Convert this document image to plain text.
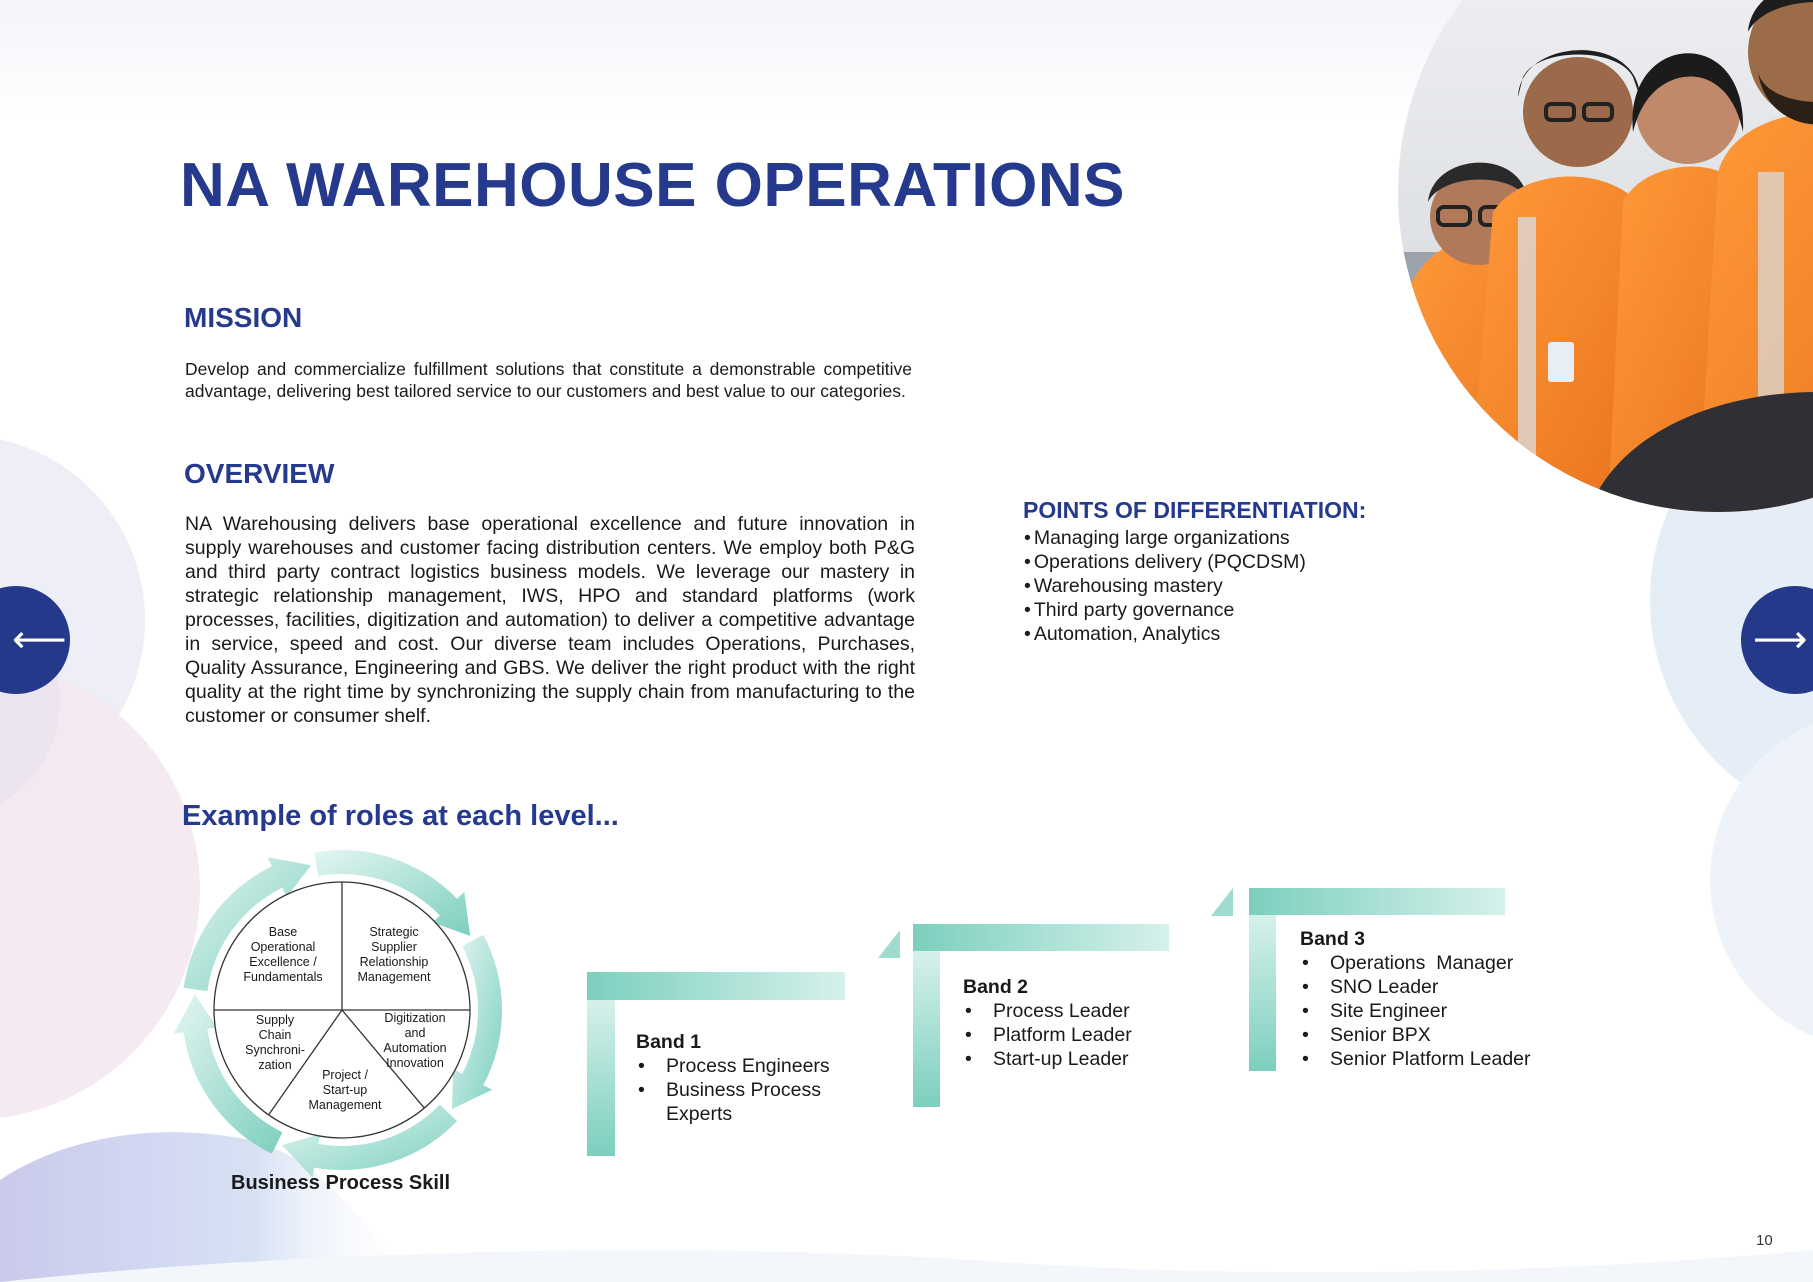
NA WAREHOUSE OPERATIONS
MISSION

Develop and commercialize fulfillment solutions that constitute a demonstrable competitive advantage, delivering best tailored service to our customers and best value to our categories.

OVERVIEW

NA Warehousing delivers base operational excellence and future innovation in supply warehouses and customer facing distribution centers. We employ both P&G and third party contract logistics business models. We leverage our mastery in strategic relationship management, IWS, HPO and standard platforms (work processes, facilities, digitization and automation) to deliver a competitive advantage in service, speed and cost. Our diverse team includes Operations, Purchases, Quality Assurance, Engineering and GBS. We deliver the right product with the right quality at the right time by synchronizing the supply chain from manufacturing to the customer or consumer shelf.

POINTS OF DIFFERENTIATION:
• Managing large organizations
• Operations delivery (PQCDSM)
• Warehousing mastery
• Third party governance
• Automation, Analytics
Example of roles at each level...
⟵	⟶
Base
Operational
Excellence /
Fundamentals
Strategic
Supplier
Relationship
Management
Digitization
and
Automation
Innovation
Project /
Start-up
Management
Supply
Chain
Synchroni-
zation

Business Process Skill

Band 1

• Process Engineers
• Business Process Experts

Band 2

• Process Leader
• Platform Leader
• Start-up Leader

Band 3

• Operations  Manager
• SNO Leader
• Site Engineer
• Senior BPX
• Senior Platform Leader

10
